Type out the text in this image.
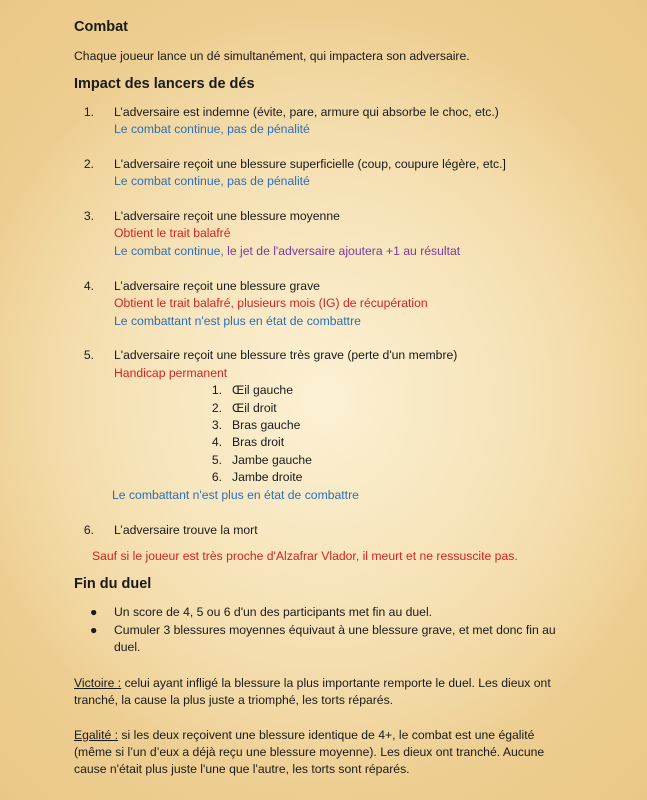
Combat

Chaque joueur lance un dé simultanément, qui impactera son adversaire.

Impact des lancers de dés
1. L’adversaire est indemne (évite, pare, armure qui absorbe le choc, etc.)

Le combat continue, pas de pénalité

2. L'adversaire reçoit une blessure superficielle (coup, coupure légère, etc.]

Le combat continue, pas de pénalité

3. L'adversaire reçoit une blessure moyenne

Obtient le trait balafré

Le combat continue, le jet de l'adversaire ajoutera +1 au résultat

4. L’adversaire reçoit une blessure grave

Obtient le trait balafré, plusieurs mois (IG) de récupération

Le combattant n'est plus en état de combattre

5. L'adversaire reçoit une blessure très grave (perte d'un membre)

Handicap permanent

1. Œil gauche

2. Œil droit

3. Bras gauche

4. Bras droit

5. Jambe gauche

6. Jambe droite

Le combattant n'est plus en état de combattre

6. L’adversaire trouve la mort

Sauf si le joueur est très proche d'Alzafrar Vlador, il meurt et ne ressuscite pas.

Fin du duel
● Un score de 4, 5 ou 6 d'un des participants met fin au duel.

● Cumuler 3 blessures moyennes équivaut à une blessure grave, et met donc fin au duel.

Victoire : celui ayant infligé la blessure la plus importante remporte le duel. Les dieux ont tranché, la cause la plus juste a triomphé, les torts réparés.

Egalité : si les deux reçoivent une blessure identique de 4+, le combat est une égalité (même si l’un d’eux a déjà reçu une blessure moyenne). Les dieux ont tranché. Aucune cause n'était plus juste l'une que l'autre, les torts sont réparés.
